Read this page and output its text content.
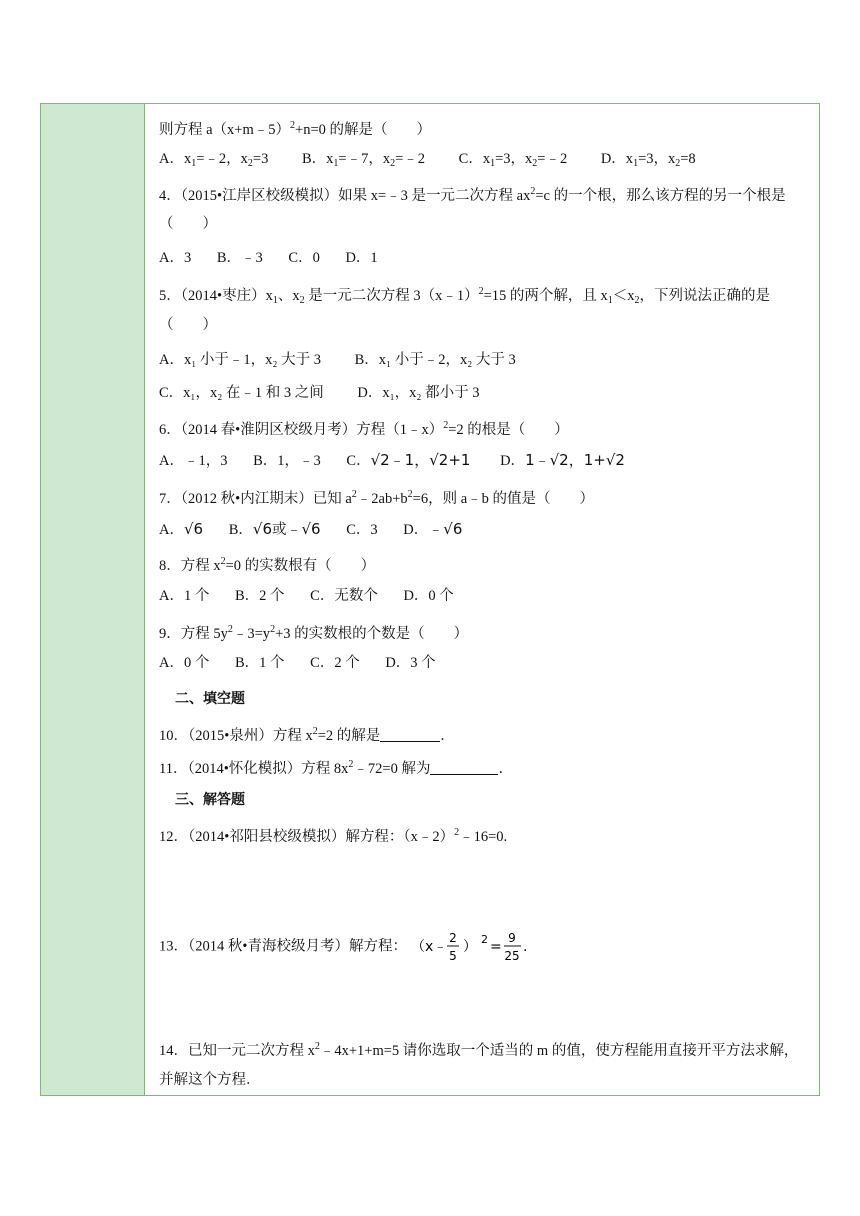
则方程 a（x+m﹣5）$^2$+n=0 的解是（　　）
A．$x_1=﹣2$，$x_2=3$ B．$x_1=﹣7$，$x_2=﹣2$ C．$x_1=3$，$x_2=﹣2$ D．$x_1=3$，$x_2=8$
4．（2015•江岸区校级模拟）如果 x=﹣3 是一元二次方程 $ax^2=c$ 的一个根，那么该方程的另一个根是
（　　）
A．3 B．﹣3 C．0 D．1
5．（2014•枣庄）$x_1$、$x_2$ 是一元二次方程 3（x﹣1）$^2$=15 的两个解，且 $x_1<x_2$，下列说法正确的是
（　　）
A．x₁ 小于﹣1，x₂ 大于 3 B．x₁ 小于﹣2，x₂ 大于 3
C．x₁，x₂ 在﹣1 和 3 之间 D．x₁，x₂ 都小于 3
6．（2014 春•淮阴区校级月考）方程（1﹣x）$^2$=2 的根是（　　）
A．﹣1，3 B．1，﹣3 C．√2﹣1，√2+1 D．1﹣√2，1+√2
7．（2012 秋•内江期末）已知 $a^2﹣2ab+b^2=6$，则 a﹣b 的值是（　　）
A．√6 B．√6或﹣√6 C．3 D．﹣√6
8．方程 $x^2=0$ 的实数根有（　　）
A．1 个 B．2 个 C．无数个 D．0 个
9．方程 $5y^2﹣3=y^2+3$ 的实数根的个数是（　　）
A．0 个 B．1 个 C．2 个 D．3 个
二、填空题
10．（2015•泉州）方程 $x^2=2$ 的解是	．
11．（2014•怀化模拟）方程 $8x^2﹣72=0$ 解为	．
三、解答题
12．（2014•祁阳县校级模拟）解方程：（x﹣2）$^2$﹣16=0.
13．（2014 秋•青海校级月考）解方程： （x﹣
2
5
） 2 =
9
25
.
14．已知一元二次方程 $x^2﹣4x+1+m=5$ 请你选取一个适当的 m 的值，使方程能用直接开平方法求解，
并解这个方程．
